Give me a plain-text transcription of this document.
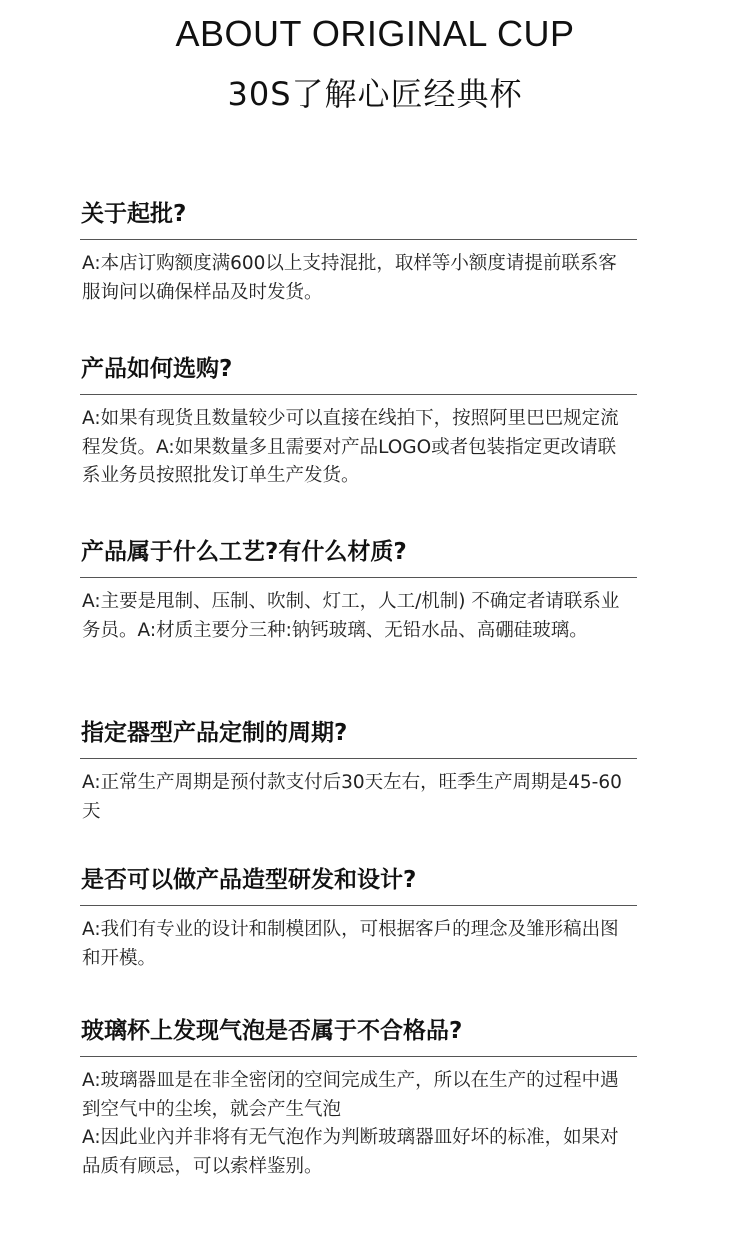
ABOUT ORIGINAL CUP
30S了解心匠经典杯
关于起批?

A:本店订购额度满600以上支持混批，取样等小额度请提前联系客服询问以确保样品及时发货。

产品如何选购?

A:如果有现货且数量较少可以直接在线拍下，按照阿里巴巴规定流程发货。A:如果数量多且需要对产品LOGO或者包装指定更改请联系业务员按照批发订单生产发货。

产品属于什么工艺?有什么材质?

A:主要是甩制、压制、吹制、灯工，人工/机制) 不确定者请联系业务员。A:材质主要分三种:钠钙玻璃、无铅水品、高硼硅玻璃。

指定器型产品定制的周期?

A:正常生产周期是预付款支付后30天左右，旺季生产周期是45-60天

是否可以做产品造型研发和设计?

A:我们有专业的设计和制模团队，可根据客戶的理念及雏形稿出图和开模。

玻璃杯上发现气泡是否属于不合格品?

A:玻璃器皿是在非全密闭的空间完成生产，所以在生产的过程中遇到空气中的尘埃，就会产生气泡

A:因此业內并非将有无气泡作为判断玻璃器皿好坏的标准，如果对品质有顾忌，可以索样鉴别。
